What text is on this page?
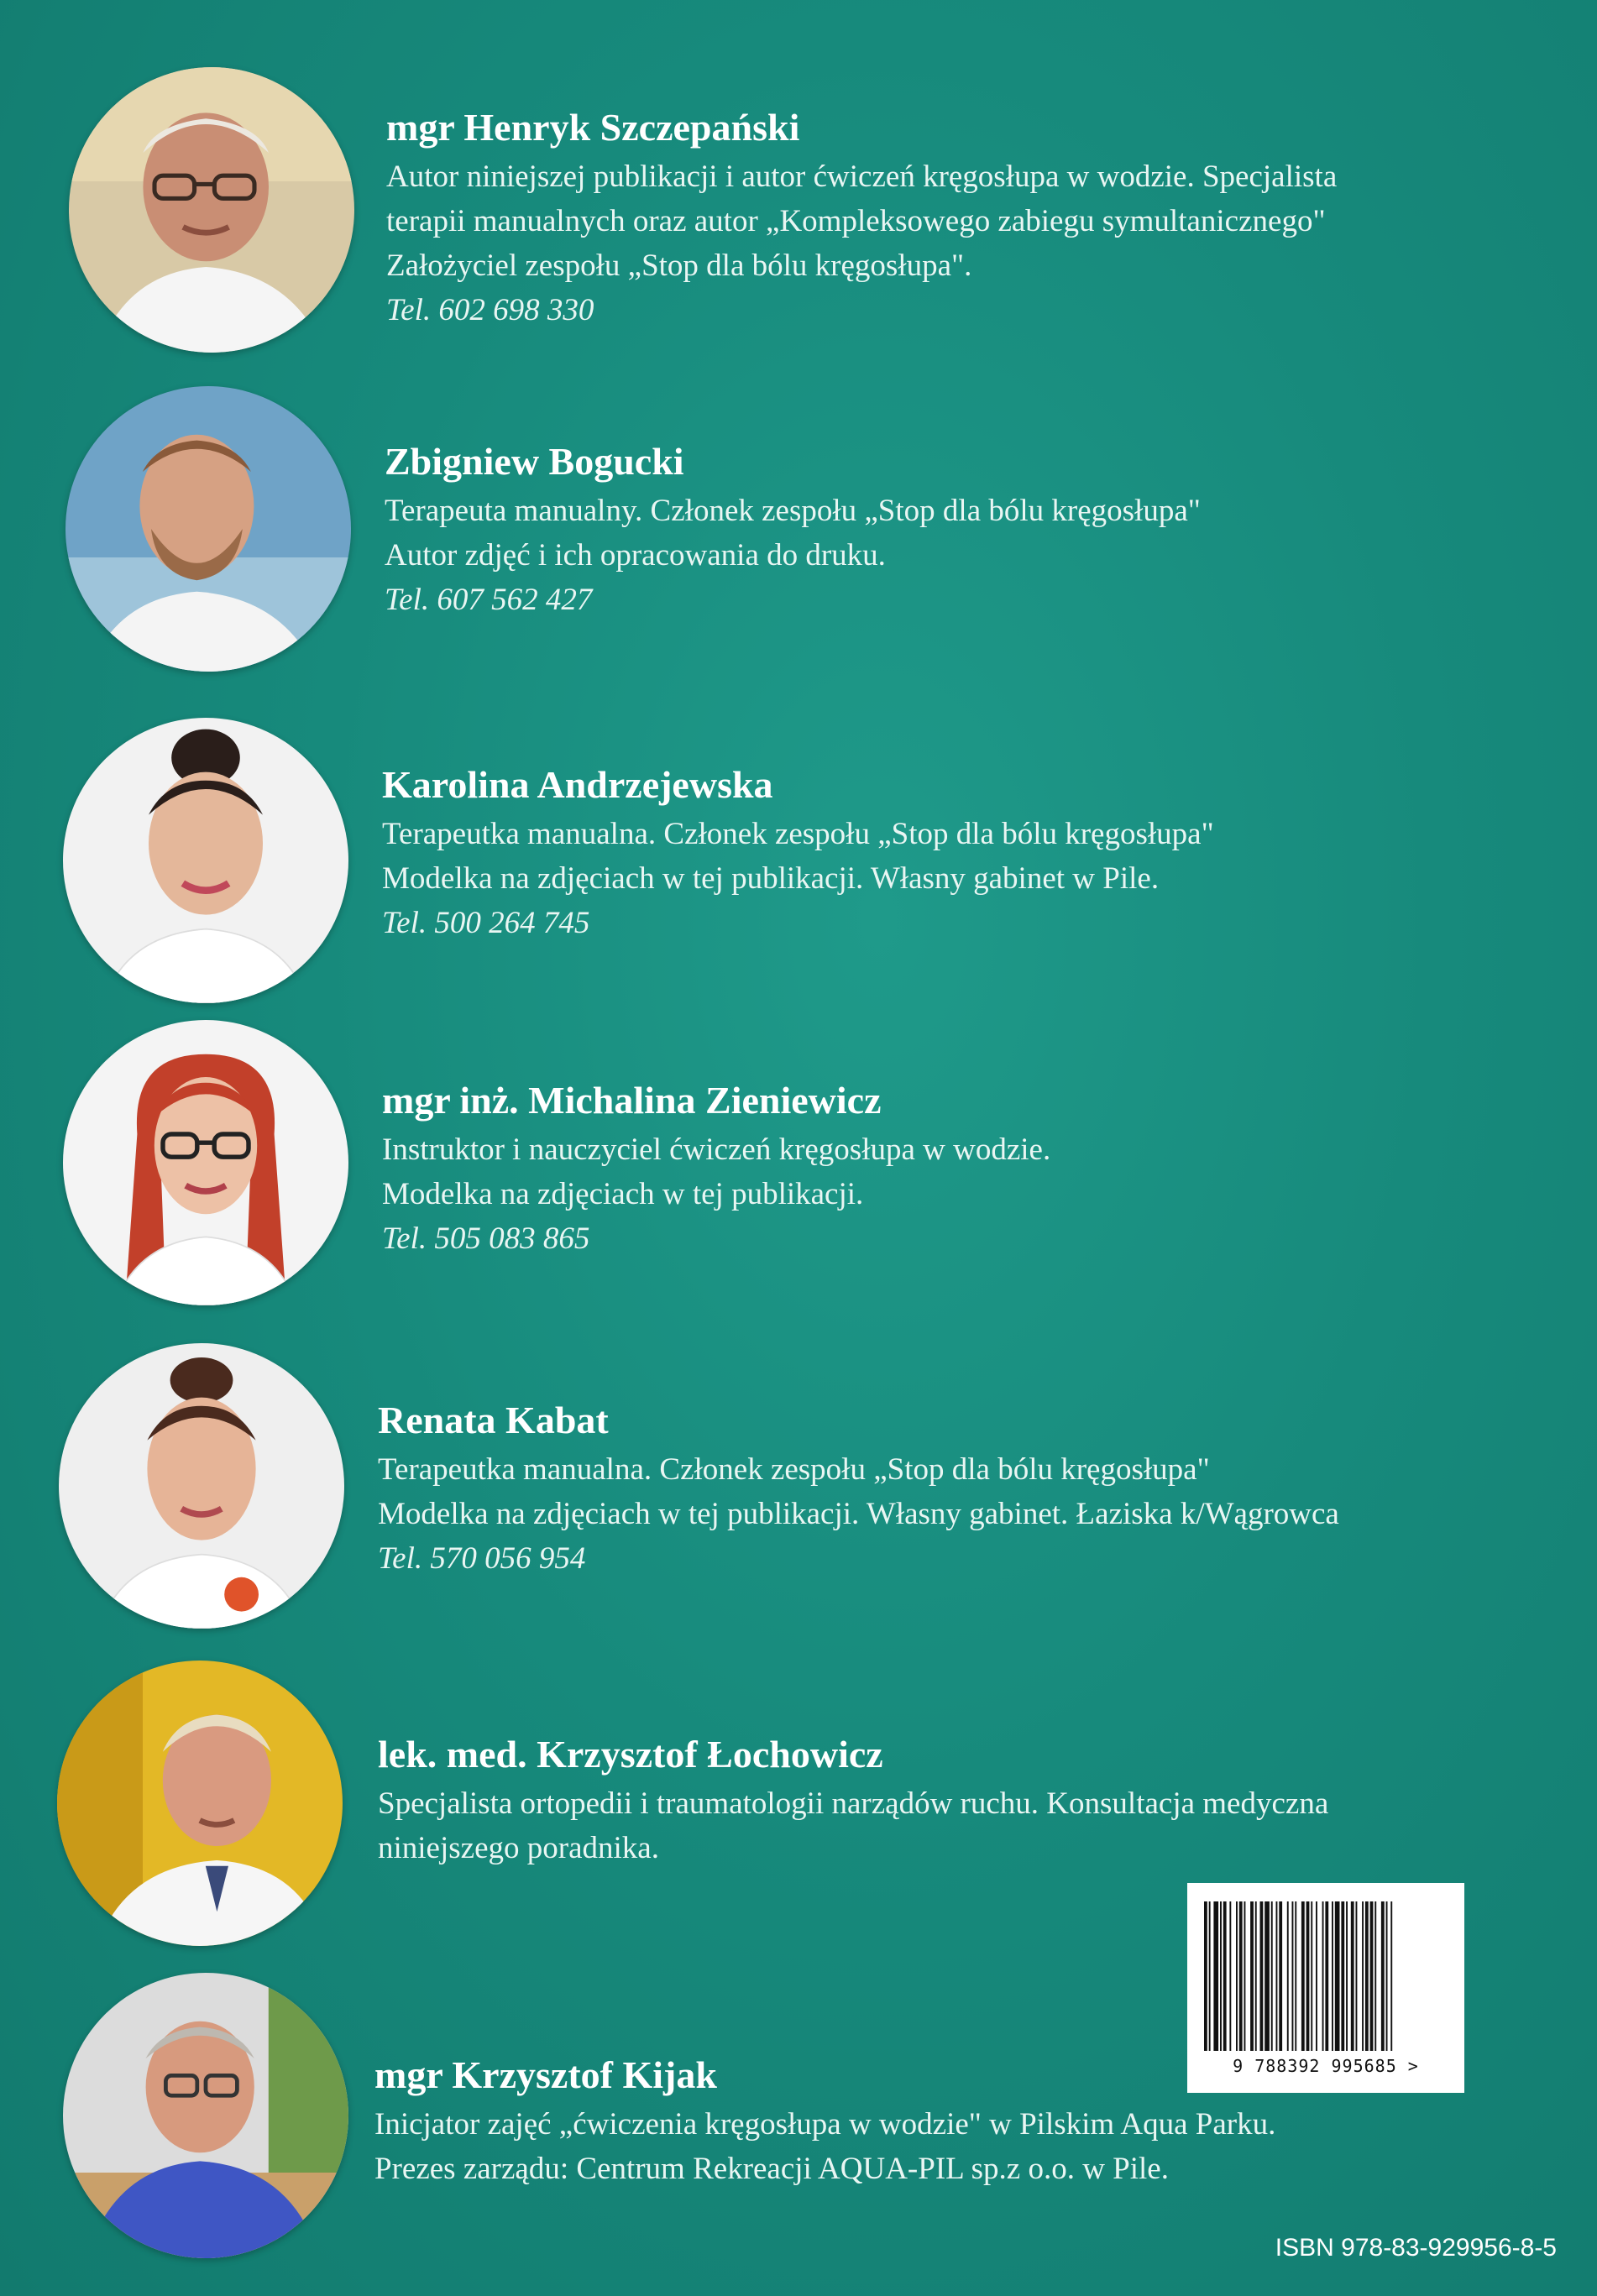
mgr Henryk Szczepański
Autor niniejszej publikacji i autor ćwiczeń kręgosłupa w wodzie. Specjalista
terapii manualnych oraz autor „Kompleksowego zabiegu symultanicznego"
Założyciel zespołu „Stop dla bólu kręgosłupa".
Tel. 602 698 330
Zbigniew Bogucki
Terapeuta manualny. Członek zespołu „Stop dla bólu kręgosłupa"
Autor zdjęć i ich opracowania do druku.
Tel. 607 562 427
Karolina Andrzejewska
Terapeutka manualna. Członek zespołu „Stop dla bólu kręgosłupa"
Modelka na zdjęciach w tej publikacji. Własny gabinet w Pile.
Tel. 500 264 745
mgr inż. Michalina Zieniewicz
Instruktor i nauczyciel ćwiczeń kręgosłupa w wodzie.
Modelka na zdjęciach w tej publikacji.
Tel. 505 083 865
Renata Kabat
Terapeutka manualna. Członek zespołu „Stop dla bólu kręgosłupa"
Modelka na zdjęciach w tej publikacji. Własny gabinet. Łaziska k/Wągrowca
Tel. 570 056 954
lek. med. Krzysztof Łochowicz
Specjalista ortopedii i traumatologii narządów ruchu. Konsultacja medyczna
niniejszego poradnika.
mgr Krzysztof Kijak
Inicjator zajęć „ćwiczenia kręgosłupa w wodzie" w Pilskim Aqua Parku.
Prezes zarządu: Centrum Rekreacji AQUA-PIL sp.z o.o. w Pile.
9 788392 995685 >
ISBN 978-83-929956-8-5
